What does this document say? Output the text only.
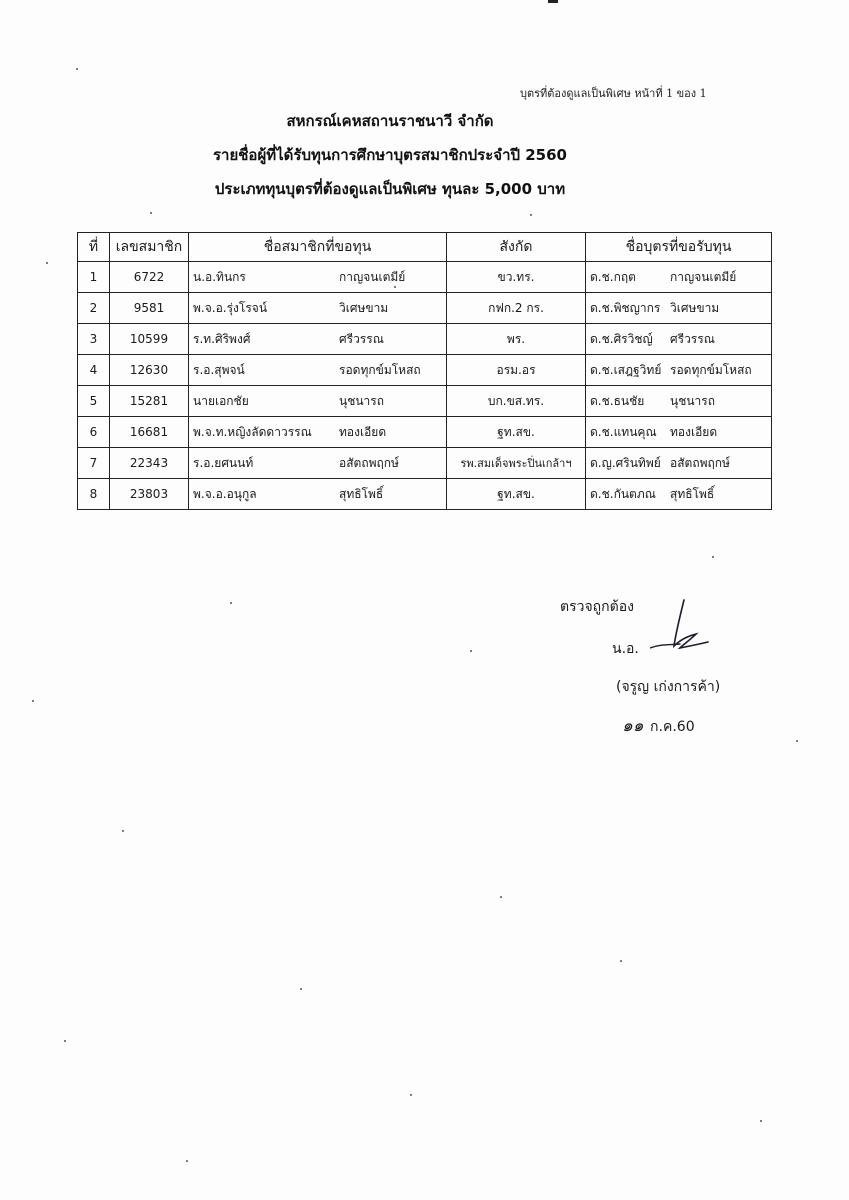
บุตรที่ต้องดูแลเป็นพิเศษ หน้าที่ 1 ของ 1
สหกรณ์เคหสถานราชนาวี จำกัด
รายชื่อผู้ที่ได้รับทุนการศึกษาบุตรสมาชิกประจำปี 2560
ประเภททุนบุตรที่ต้องดูแลเป็นพิเศษ ทุนละ 5,000 บาท
ที่	เลขสมาชิก	ชื่อสมาชิกที่ขอทุน	สังกัด	ชื่อบุตรที่ขอรับทุน
1	6722	น.อ.ทินกร กาญจนเตมีย์	ขว.ทร.	ด.ช.กฤต กาญจนเตมีย์

2	9581	พ.จ.อ.รุ่งโรจน์ วิเศษขาม	กฟก.2 กร.	ด.ช.พิชญากร วิเศษขาม

3	10599	ร.ท.ศิริพงศ์ ศรีวรรณ	พร.	ด.ช.ศิรวิชญ์ ศรีวรรณ

4	12630	ร.อ.สุพจน์ รอดทุกข์มโหสถ	อรม.อร	ด.ช.เสฎฐวิทย์ รอดทุกข์มโหสถ

5	15281	นายเอกชัย นุชนารถ	บก.ขส.ทร.	ด.ช.ธนชัย นุชนารถ

6	16681	พ.จ.ท.หญิงลัดดาวรรณ ทองเอียด	ฐท.สข.	ด.ช.แทนคุณ ทองเอียด

7	22343	ร.อ.ยศนนท์ อสัตถพฤกษ์	รพ.สมเด็จพระปิ่นเกล้าฯ	ด.ญ.ศรินทิพย์ อสัตถพฤกษ์

8	23803	พ.จ.อ.อนุกูล สุทธิโพธิ์	ฐท.สข.	ด.ช.กันตภณ สุทธิโพธิ์
ตรวจถูกต้อง
น.อ.
(จรูญ เก่งการค้า)
๑๑ ก.ค.60
